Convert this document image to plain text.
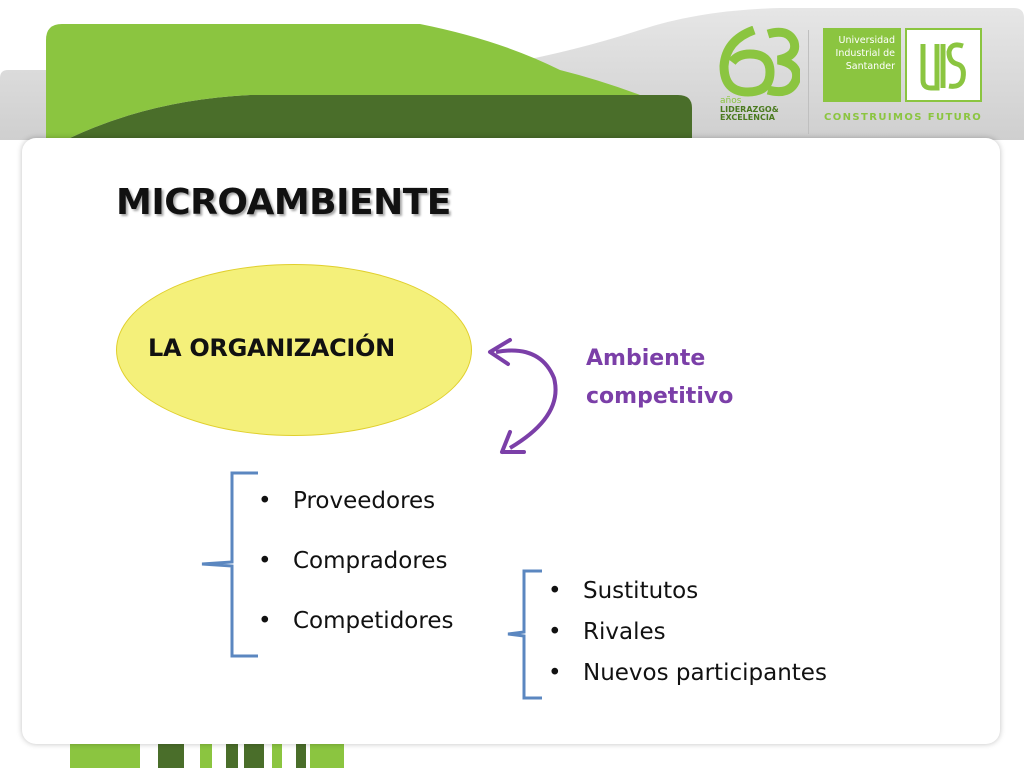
años
LIDERAZGO&
EXCELENCIA
Universidad
Industrial de
Santander
CONSTRUIMOS FUTURO
MICROAMBIENTE
LA ORGANIZACIÓN	Ambiente
competitivo
• Proveedores
• Compradores
• Competidores
• Sustitutos
• Rivales
• Nuevos participantes
